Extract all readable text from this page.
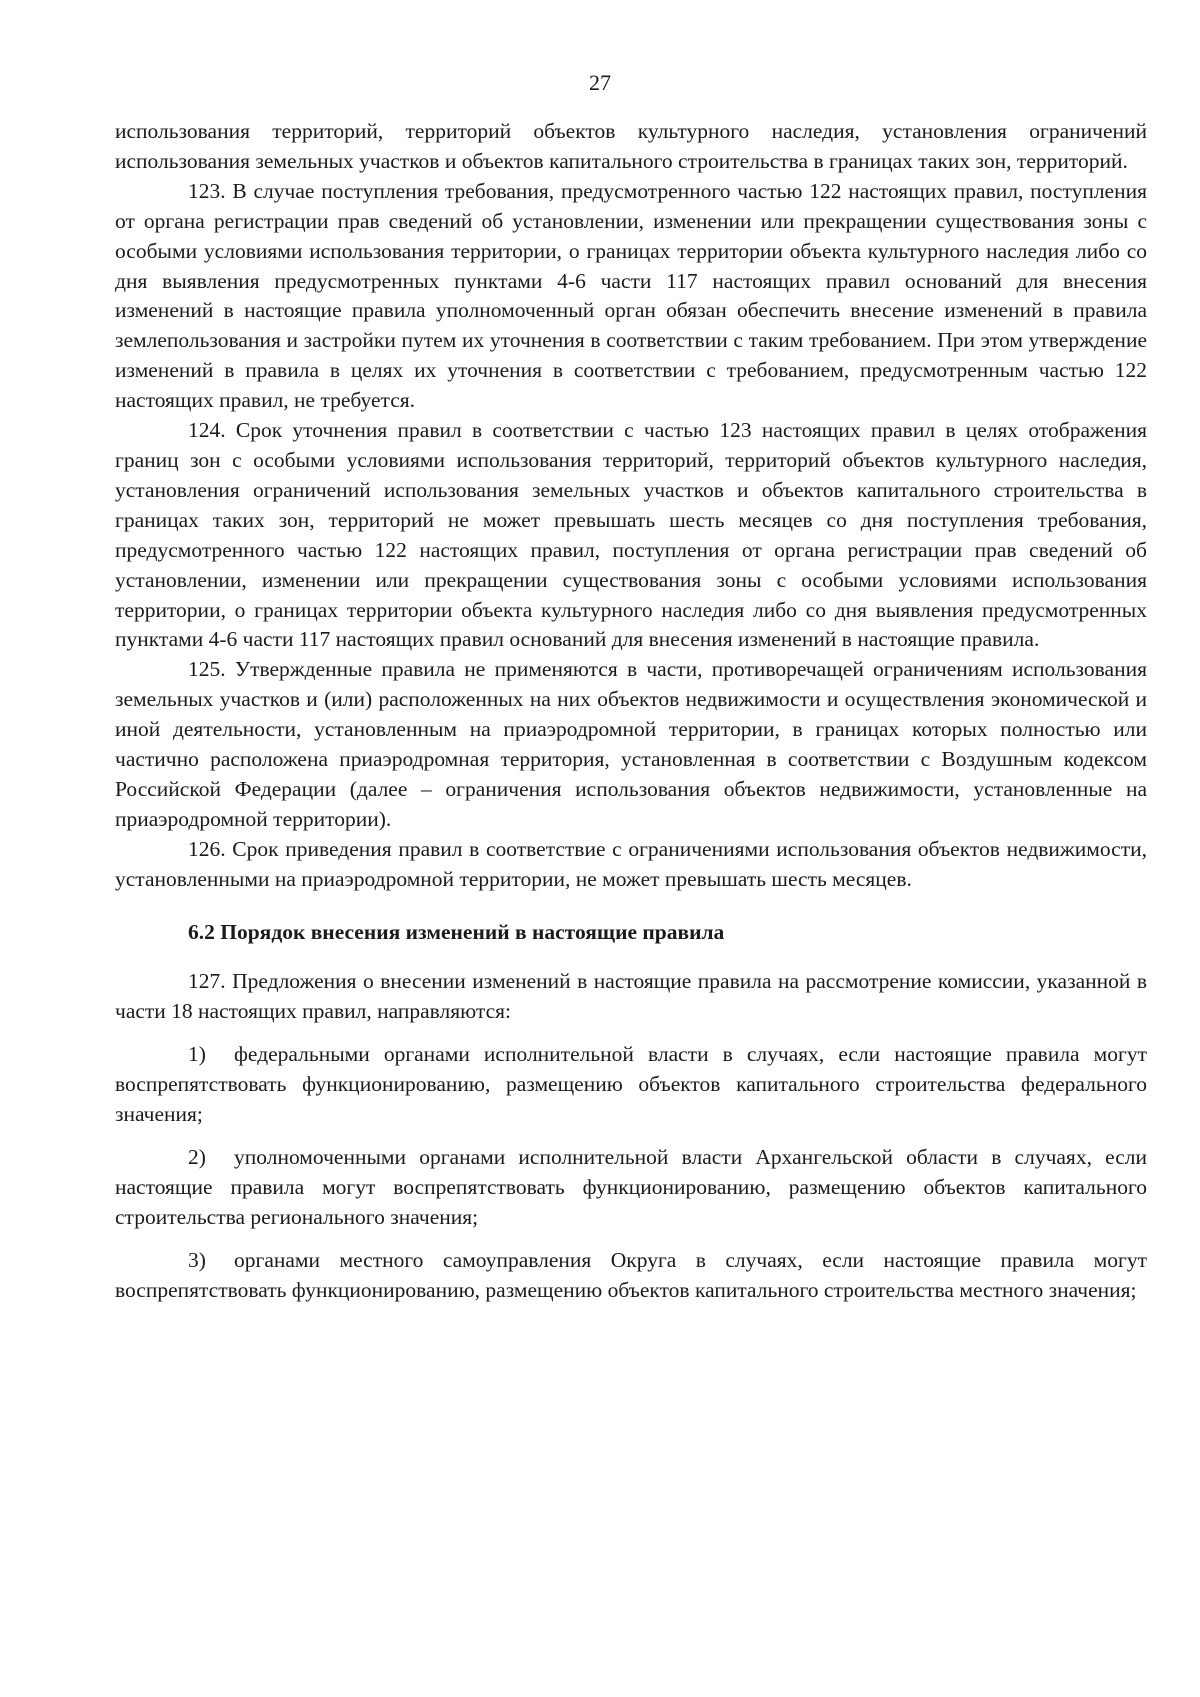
27

использования территорий, территорий объектов культурного наследия, установления ограничений использования земельных участков и объектов капитального строительства в границах таких зон, территорий.

123. В случае поступления требования, предусмотренного частью 122 настоящих правил, поступления от органа регистрации прав сведений об установлении, изменении или прекращении существования зоны с особыми условиями использования территории, о границах территории объекта культурного наследия либо со дня выявления предусмотренных пунктами 4-6 части 117 настоящих правил оснований для внесения изменений в настоящие правила уполномоченный орган обязан обеспечить внесение изменений в правила землепользования и застройки путем их уточнения в соответствии с таким требованием. При этом утверждение изменений в правила в целях их уточнения в соответствии с требованием, предусмотренным частью 122 настоящих правил, не требуется.

124. Срок уточнения правил в соответствии с частью 123 настоящих правил в целях отображения границ зон с особыми условиями использования территорий, территорий объектов культурного наследия, установления ограничений использования земельных участков и объектов капитального строительства в границах таких зон, территорий не может превышать шесть месяцев со дня поступления требования, предусмотренного частью 122 настоящих правил, поступления от органа регистрации прав сведений об установлении, изменении или прекращении существования зоны с особыми условиями использования территории, о границах территории объекта культурного наследия либо со дня выявления предусмотренных пунктами 4-6 части 117 настоящих правил оснований для внесения изменений в настоящие правила.

125. Утвержденные правила не применяются в части, противоречащей ограничениям использования земельных участков и (или) расположенных на них объектов недвижимости и осуществления экономической и иной деятельности, установленным на приаэродромной территории, в границах которых полностью или частично расположена приаэродромная территория, установленная в соответствии с Воздушным кодексом Российской Федерации (далее – ограничения использования объектов недвижимости, установленные на приаэродромной территории).

126. Срок приведения правил в соответствие с ограничениями использования объектов недвижимости, установленными на приаэродромной территории, не может превышать шесть месяцев.

6.2 Порядок внесения изменений в настоящие правила

127. Предложения о внесении изменений в настоящие правила на рассмотрение комиссии, указанной в части 18 настоящих правил, направляются:

1) федеральными органами исполнительной власти в случаях, если настоящие правила могут воспрепятствовать функционированию, размещению объектов капитального строительства федерального значения;

2) уполномоченными органами исполнительной власти Архангельской области в случаях, если настоящие правила могут воспрепятствовать функционированию, размещению объектов капитального строительства регионального значения;

3) органами местного самоуправления Округа в случаях, если настоящие правила могут воспрепятствовать функционированию, размещению объектов капитального строительства местного значения;
